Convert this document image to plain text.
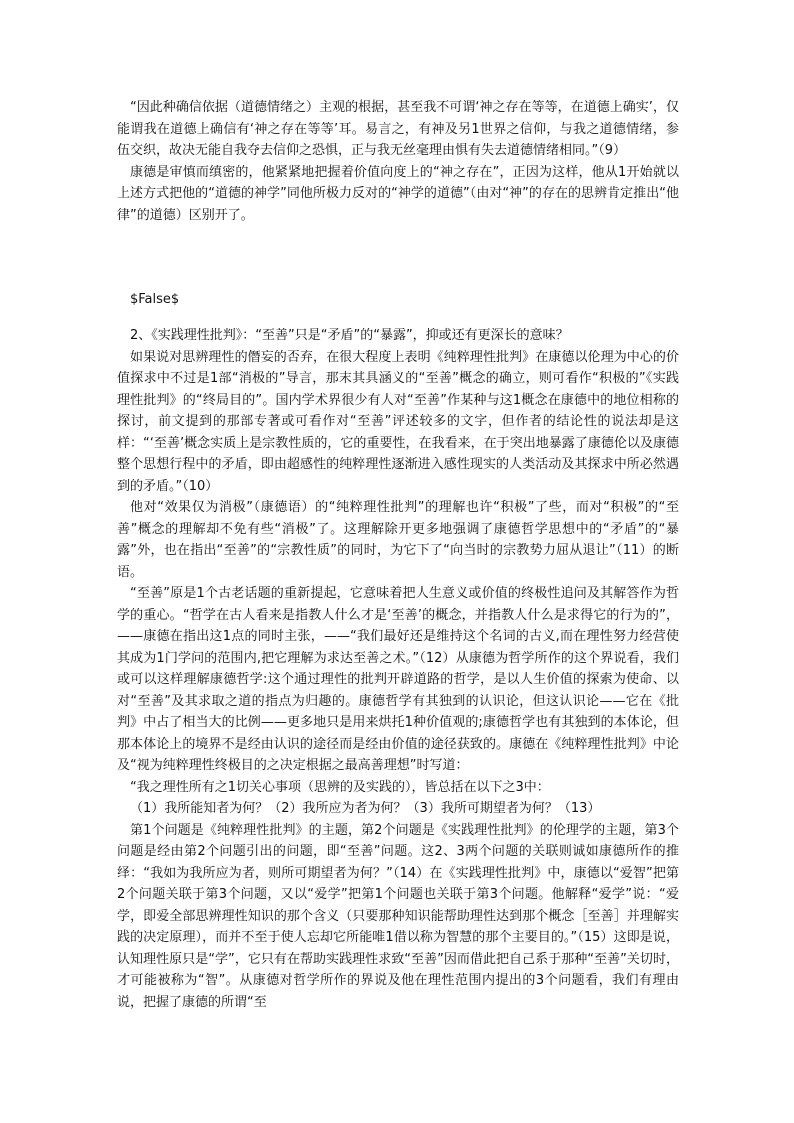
“因此种确信依据（道德情绪之）主观的根据，甚至我不可谓‘神之存在等等，在道德上确实’，仅能谓我在道德上确信有‘神之存在等等’耳。易言之，有神及另1世界之信仰，与我之道德情绪，参伍交织，故决无能自我夺去信仰之恐惧，正与我无丝毫理由惧有失去道德情绪相同。”（9）

康德是审慎而缜密的，他紧紧地把握着价值向度上的“神之存在”，正因为这样，他从1开始就以上述方式把他的“道德的神学”同他所极力反对的“神学的道德”（由对“神”的存在的思辨肯定推出“他律”的道德）区别开了。

$False$

2、《实践理性批判》：“至善”只是“矛盾”的“暴露”，抑或还有更深长的意味？

如果说对思辨理性的僭妄的否弃，在很大程度上表明《纯粹理性批判》在康德以伦理为中心的价值探求中不过是1部“消极的”导言，那末其具涵义的“至善”概念的确立，则可看作“积极的”《实践理性批判》的“终局目的”。国内学术界很少有人对“至善”作某种与这1概念在康德中的地位相称的探讨，前文提到的那部专著或可看作对“至善”评述较多的文字，但作者的结论性的说法却是这样：“‘至善’概念实质上是宗教性质的，它的重要性，在我看来，在于突出地暴露了康德伦以及康德整个思想行程中的矛盾，即由超感性的纯粹理性逐渐进入感性现实的人类活动及其探求中所必然遇到的矛盾。”（10）

他对“效果仅为消极”（康德语）的“纯粹理性批判”的理解也许“积极”了些，而对“积极”的“至善”概念的理解却不免有些“消极”了。这理解除开更多地强调了康德哲学思想中的“矛盾”的“暴露”外，也在指出“至善”的“宗教性质”的同时，为它下了“向当时的宗教势力屈从退让”（11）的断语。

“至善”原是1个古老话题的重新提起，它意味着把人生意义或价值的终极性追问及其解答作为哲学的重心。“哲学在古人看来是指教人什么才是‘至善’的概念，并指教人什么是求得它的行为的”，——康德在指出这1点的同时主张，——“我们最好还是维持这个名词的古义,而在理性努力经营使其成为1门学问的范围内,把它理解为求达至善之术。”（12）从康德为哲学所作的这个界说看，我们或可以这样理解康德哲学:这个通过理性的批判开辟道路的哲学，是以人生价值的探索为使命、以对“至善”及其求取之道的指点为归趣的。康德哲学有其独到的认识论，但这认识论——它在《批判》中占了相当大的比例——更多地只是用来烘托1种价值观的;康德哲学也有其独到的本体论，但那本体论上的境界不是经由认识的途径而是经由价值的途径获致的。康德在《纯粹理性批判》中论及“视为纯粹理性终极目的之决定根据之最高善理想”时写道：

“我之理性所有之1切关心事项（思辨的及实践的），皆总括在以下之3中：

（1）我所能知者为何？（2）我所应为者为何？（3）我所可期望者为何？（13）

第1个问题是《纯粹理性批判》的主题，第2个问题是《实践理性批判》的伦理学的主题，第3个问题是经由第2个问题引出的问题，即“至善”问题。这2、3两个问题的关联则诚如康德所作的推绎：“我如为我所应为者，则所可期望者为何？”（14）在《实践理性批判》中，康德以“爱智”把第2个问题关联于第3个问题，又以“爱学”把第1个问题也关联于第3个问题。他解释“爱学”说：“爱学，即爱全部思辨理性知识的那个含义（只要那种知识能帮助理性达到那个概念［至善］并理解实践的决定原理），而并不至于使人忘却它所能唯1借以称为智慧的那个主要目的。”（15）这即是说，认知理性原只是“学”，它只有在帮助实践理性求致“至善”因而借此把自己系于那种“至善”关切时，才可能被称为“智”。从康德对哲学所作的界说及他在理性范围内提出的3个问题看，我们有理由说，把握了康德的所谓“至
